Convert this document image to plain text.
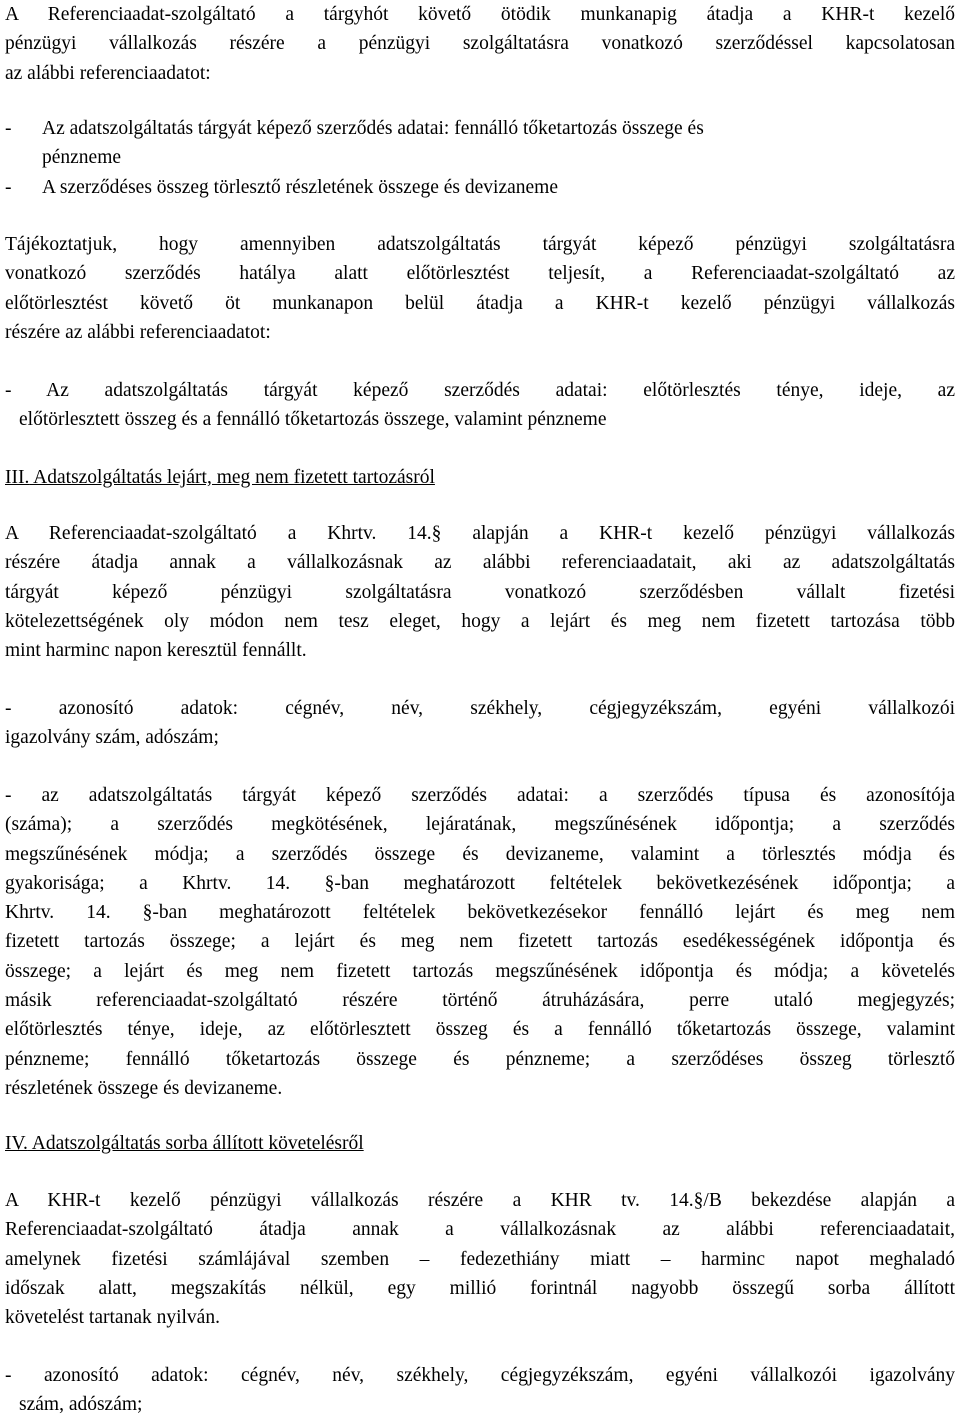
A Referenciaadat-szolgáltató a tárgyhót követő ötödik munkanapig átadja a KHR-t kezelő
pénzügyi vállalkozás részére a pénzügyi szolgáltatásra vonatkozó szerződéssel kapcsolatosan
az alábbi referenciaadatot:
- Az adatszolgáltatás tárgyát képező szerződés adatai: fennálló tőketartozás összege és
pénzneme
- A szerződéses összeg törlesztő részletének összege és devizaneme
Tájékoztatjuk, hogy amennyiben adatszolgáltatás tárgyát képező pénzügyi szolgáltatásra
vonatkozó szerződés hatálya alatt előtörlesztést teljesít, a Referenciaadat-szolgáltató az
előtörlesztést követő öt munkanapon belül átadja a KHR-t kezelő pénzügyi vállalkozás
részére az alábbi referenciaadatot:
- Az adatszolgáltatás tárgyát képező szerződés adatai: előtörlesztés ténye, ideje, az
előtörlesztett összeg és a fennálló tőketartozás összege, valamint pénzneme
III. Adatszolgáltatás lejárt, meg nem fizetett tartozásról
A Referenciaadat-szolgáltató a Khrtv. 14.§ alapján a KHR-t kezelő pénzügyi vállalkozás
részére átadja annak a vállalkozásnak az alábbi referenciaadatait, aki az adatszolgáltatás
tárgyát képező pénzügyi szolgáltatásra vonatkozó szerződésben vállalt fizetési
kötelezettségének oly módon nem tesz eleget, hogy a lejárt és meg nem fizetett tartozása több
mint harminc napon keresztül fennállt.
- azonosító adatok: cégnév, név, székhely, cégjegyzékszám, egyéni vállalkozói
igazolvány szám, adószám;
- az adatszolgáltatás tárgyát képező szerződés adatai: a szerződés típusa és azonosítója
(száma); a szerződés megkötésének, lejáratának, megszűnésének időpontja; a szerződés
megszűnésének módja; a szerződés összege és devizaneme, valamint a törlesztés módja és
gyakorisága; a Khrtv. 14. §-ban meghatározott feltételek bekövetkezésének időpontja; a
Khrtv. 14. §-ban meghatározott feltételek bekövetkezésekor fennálló lejárt és meg nem
fizetett tartozás összege; a lejárt és meg nem fizetett tartozás esedékességének időpontja és
összege; a lejárt és meg nem fizetett tartozás megszűnésének időpontja és módja; a követelés
másik referenciaadat-szolgáltató részére történő átruházására, perre utaló megjegyzés;
előtörlesztés ténye, ideje, az előtörlesztett összeg és a fennálló tőketartozás összege, valamint
pénzneme; fennálló tőketartozás összege és pénzneme; a szerződéses összeg törlesztő
részletének összege és devizaneme.
IV. Adatszolgáltatás sorba állított követelésről
A KHR-t kezelő pénzügyi vállalkozás részére a KHR tv. 14.§/B bekezdése alapján a
Referenciaadat-szolgáltató átadja annak a vállalkozásnak az alábbi referenciaadatait,
amelynek fizetési számlájával szemben – fedezethiány miatt – harminc napot meghaladó
időszak alatt, megszakítás nélkül, egy millió forintnál nagyobb összegű sorba állított
követelést tartanak nyilván.
- azonosító adatok: cégnév, név, székhely, cégjegyzékszám, egyéni vállalkozói igazolvány
szám, adószám;
